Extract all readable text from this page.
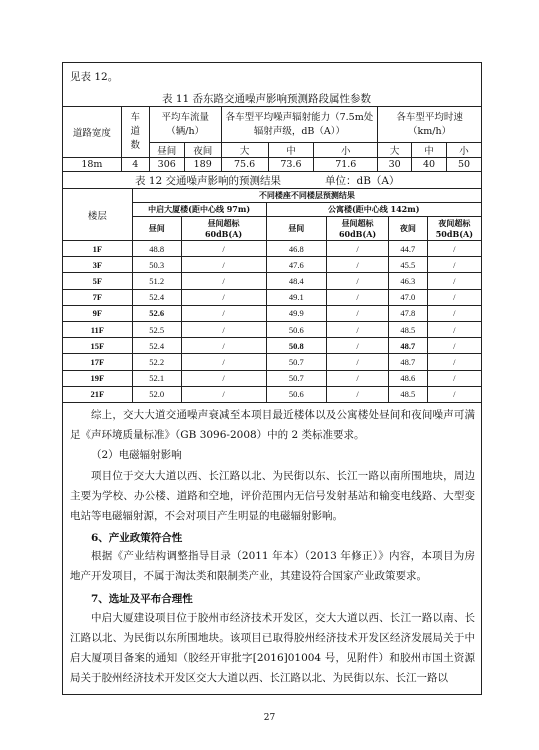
见表 12。
表 11 岙东路交通噪声影响预测路段属性参数
道路宽度	车道数	平均车流量（辆/h）		各车型平均噪声辐射能力（7.5m处辐射声级，dB（A））			各车型平均时速（km/h）		
		昼间	夜间	大	中	小	大	中	小
18m	4	306	189	75.6	73.6	71.6	30	40	50
表 12 交通噪声影响的预测结果	单位：dB（A）
楼层	不同楼座不同楼层预测结果					
	中启大厦楼(距中心线 97m)		公寓楼(距中心线 142m)			
	昼间	昼间超标60dB(A)	昼间	昼间超标60dB(A)	夜间	夜间超标50dB(A)
1F	48.8	/	46.8	/	44.7	/
3F	50.3	/	47.6	/	45.5	/
5F	51.2	/	48.4	/	46.3	/
7F	52.4	/	49.1	/	47.0	/
9F	52.6	/	49.9	/	47.8	/
11F	52.5	/	50.6	/	48.5	/
15F	52.4	/	50.8	/	48.7	/
17F	52.2	/	50.7	/	48.7	/
19F	52.1	/	50.7	/	48.6	/
21F	52.0	/	50.6	/	48.5	/
综上，交大大道交通噪声衰减至本项目最近楼体以及公寓楼处昼间和夜间噪声可满足《声环境质量标准》（GB 3096-2008）中的 2 类标准要求。
（2）电磁辐射影响
项目位于交大大道以西、长江路以北、为民街以东、长江一路以南所围地块，周边主要为学校、办公楼、道路和空地，评价范围内无信号发射基站和输变电线路、大型变电站等电磁辐射源，不会对项目产生明显的电磁辐射影响。
6、产业政策符合性
根据《产业结构调整指导目录（2011 年本）（2013 年修正）》内容，本项目为房地产开发项目，不属于淘汰类和限制类产业，其建设符合国家产业政策要求。
7、选址及平布合理性
中启大厦建设项目位于胶州市经济技术开发区，交大大道以西、长江一路以南、长江路以北、为民街以东所围地块。该项目已取得胶州经济技术开发区经济发展局关于中启大厦项目备案的通知（胶经开审批字[2016]01004 号，见附件）和胶州市国土资源局关于胶州经济技术开发区交大大道以西、长江路以北、为民街以东、长江一路以
27
